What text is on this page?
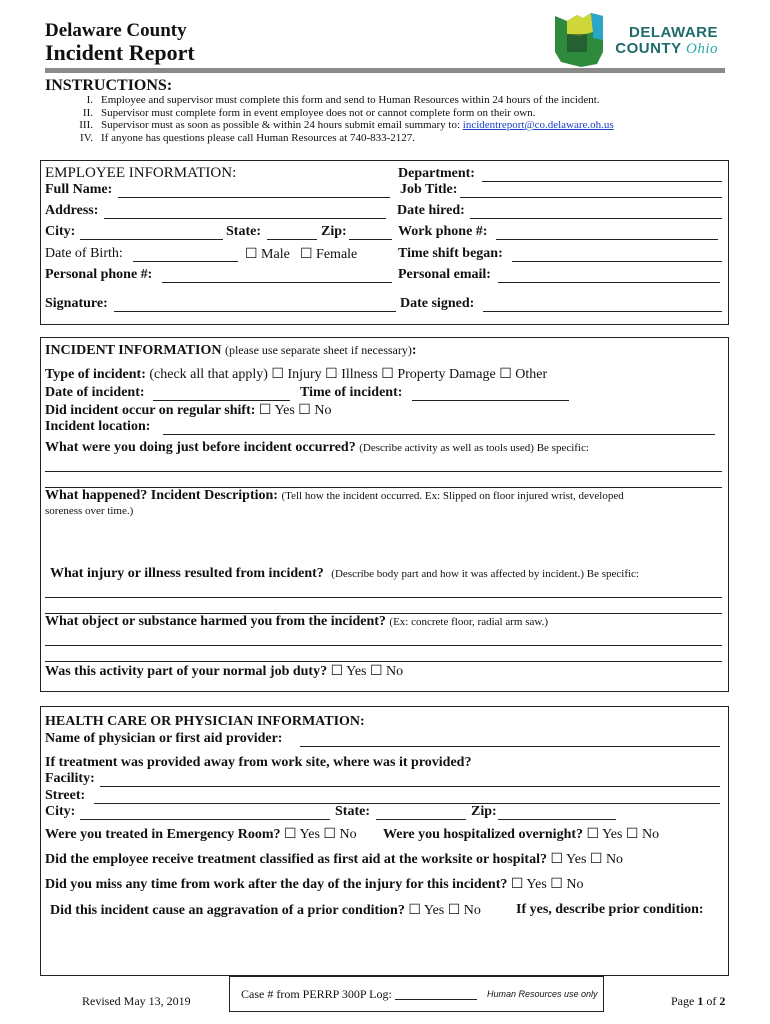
Delaware County
Incident Report
DELAWARE
COUNTY Ohio
INSTRUCTIONS:
I. Employee and supervisor must complete this form and send to Human Resources within 24 hours of the incident.
II. Supervisor must complete form in event employee does not or cannot complete form on their own.
III. Supervisor must as soon as possible & within 24 hours submit email summary to: incidentreport@co.delaware.oh.us
IV. If anyone has questions please call Human Resources at 740-833-2127.
EMPLOYEE INFORMATION:	Department:
Full Name:	Job Title:
Address:	Date hired:
City:	State:	Zip:	Work phone #:
Date of Birth:	☐ Male ☐ Female	Time shift began:
Personal phone #:	Personal email:
Signature:	Date signed:
INCIDENT INFORMATION (please use separate sheet if necessary):
Type of incident: (check all that apply) ☐ Injury ☐ Illness ☐ Property Damage ☐ Other
Date of incident:	Time of incident:
Did incident occur on regular shift: ☐ Yes ☐ No
Incident location:
What were you doing just before incident occurred? (Describe activity as well as tools used) Be specific:
What happened? Incident Description: (Tell how the incident occurred. Ex: Slipped on floor injured wrist, developed
soreness over time.)
What injury or illness resulted from incident? (Describe body part and how it was affected by incident.) Be specific:
What object or substance harmed you from the incident? (Ex: concrete floor, radial arm saw.)
Was this activity part of your normal job duty? ☐ Yes ☐ No
HEALTH CARE OR PHYSICIAN INFORMATION:
Name of physician or first aid provider:
If treatment was provided away from work site, where was it provided?
Facility:
Street:
City:	State:	Zip:
Were you treated in Emergency Room? ☐ Yes ☐ No Were you hospitalized overnight? ☐ Yes ☐ No
Did the employee receive treatment classified as first aid at the worksite or hospital? ☐ Yes ☐ No
Did you miss any time from work after the day of the injury for this incident? ☐ Yes ☐ No
Did this incident cause an aggravation of a prior condition? ☐ Yes ☐ No	If yes, describe prior condition:
Revised May 13, 2019	Case # from PERRP 300P Log:	Human Resources use only	Page 1 of 2
